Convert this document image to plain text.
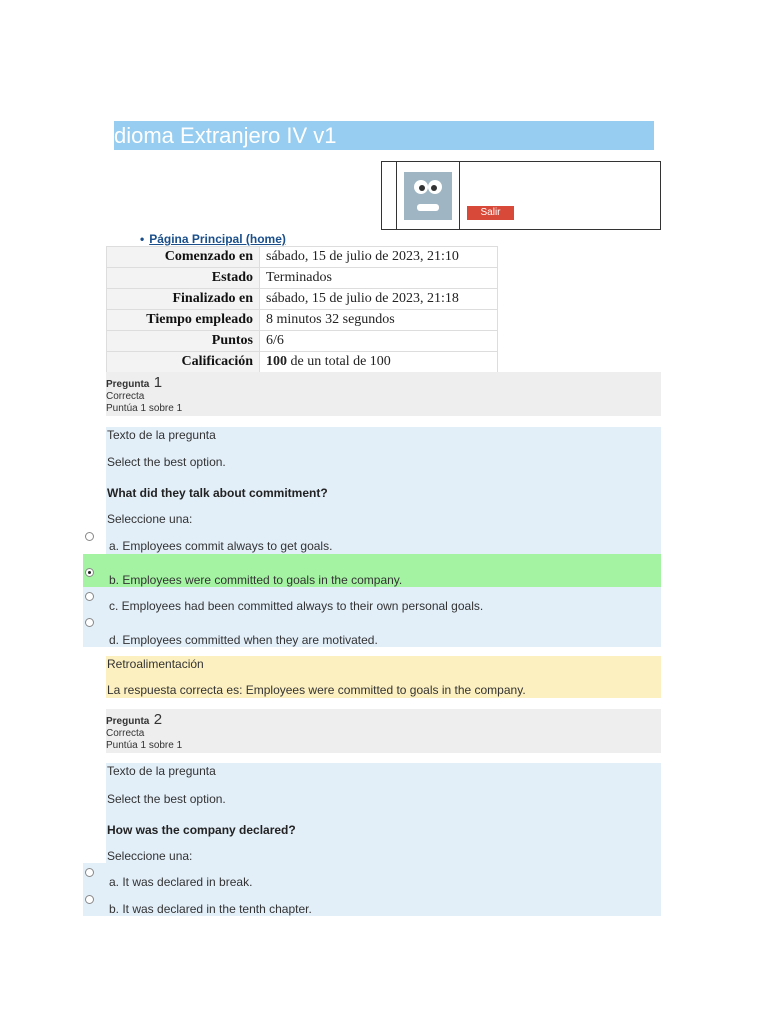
dioma Extranjero IV v1
Salir
• Página Principal (home)
Comenzado en	sábado, 15 de julio de 2023, 21:10
Estado	Terminados
Finalizado en	sábado, 15 de julio de 2023, 21:18
Tiempo empleado	8 minutos 32 segundos
Puntos	6/6
Calificación	100 de un total de 100
Pregunta 1
Correcta
Puntúa 1 sobre 1
Texto de la pregunta
Select the best option.
What did they talk about commitment?
Seleccione una:
a. Employees commit always to get goals.
b. Employees were committed to goals in the company.
c. Employees had been committed always to their own personal goals.
d. Employees committed when they are motivated.
Retroalimentación
La respuesta correcta es: Employees were committed to goals in the company.
Pregunta 2
Correcta
Puntúa 1 sobre 1
Texto de la pregunta
Select the best option.
How was the company declared?
Seleccione una:
a. It was declared in break.
b. It was declared in the tenth chapter.
